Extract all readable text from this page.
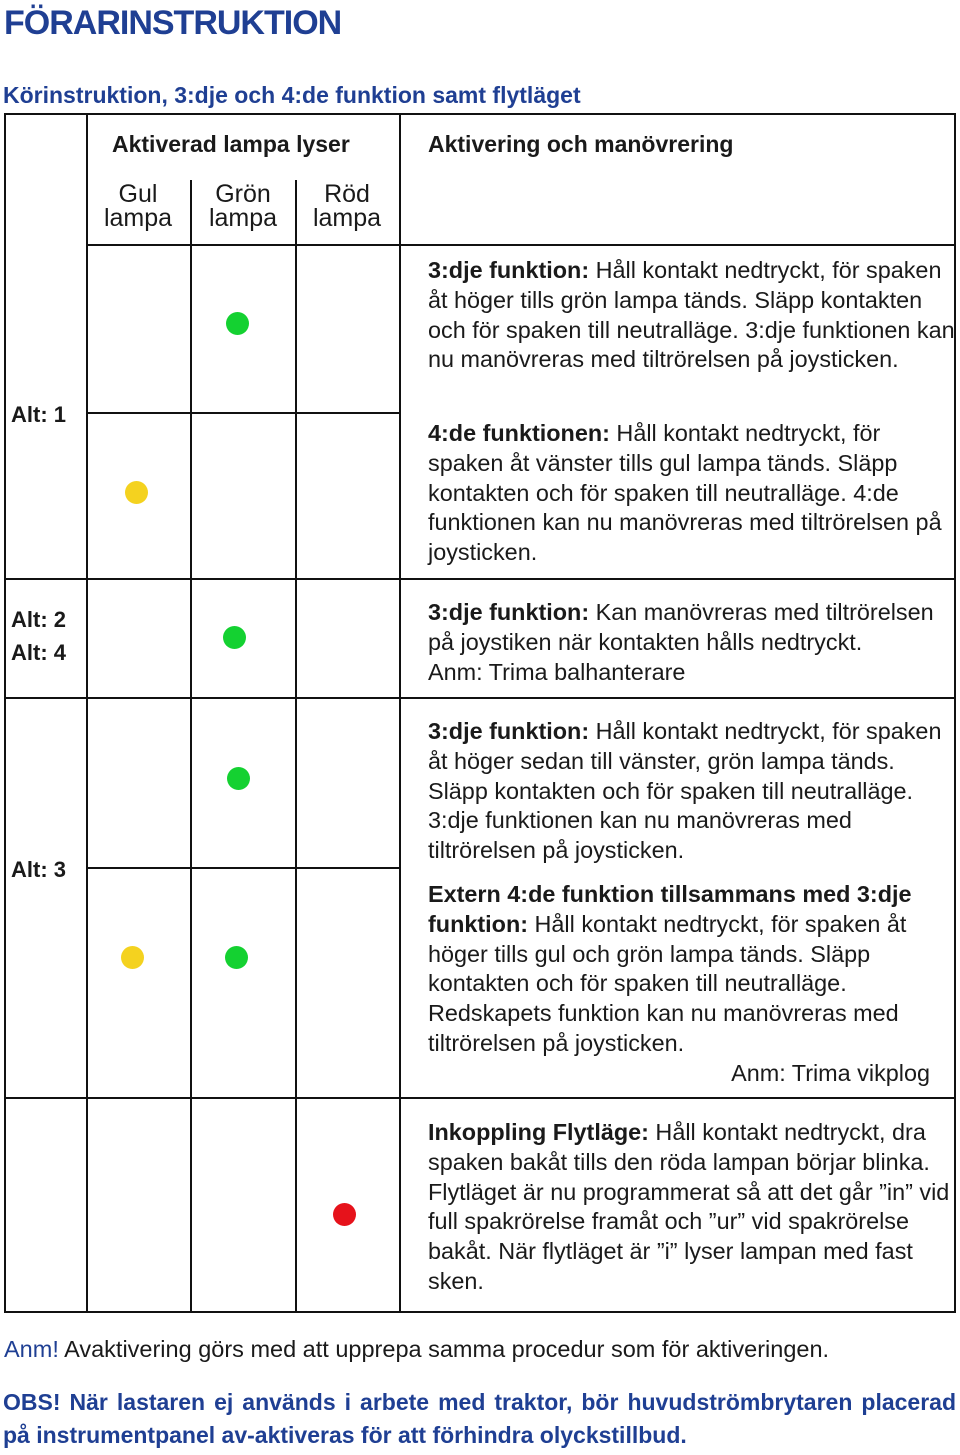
FÖRARINSTRUKTION
Körinstruktion, 3:dje och 4:de funktion samt flytläget
Aktiverad lampa lyser	Aktivering och manövrering
Gul
lampa
Grön
lampa
Röd
lampa
Alt: 1
Alt: 2
Alt: 4
Alt: 3

3:dje funktion: Håll kontakt nedtryckt, för spaken åt höger tills grön lampa tänds. Släpp kontakten och för spaken till neutralläge. 3:dje funktionen kan nu manövreras med tiltrörelsen på joysticken.

4:de funktionen: Håll kontakt nedtryckt, för spaken åt vänster tills gul lampa tänds. Släpp kontakten och för spaken till neutralläge. 4:de funktionen kan nu manövreras med tiltrörelsen på joysticken.

3:dje funktion: Kan manövreras med tiltrörelsen på joystiken när kontakten hålls nedtryckt.Anm: Trima balhanterare

3:dje funktion: Håll kontakt nedtryckt, för spaken åt höger sedan till vänster, grön lampa tänds. Släpp kontakten och för spaken till neutralläge. 3:dje funktionen kan nu manövreras med tiltrörelsen på joysticken.

Extern 4:de funktion tillsammans med 3:dje funktion: Håll kontakt nedtryckt, för spaken åt höger tills gul och grön lampa tänds. Släpp kontakten och för spaken till neutralläge. Redskapets funktion kan nu manövreras med tiltrörelsen på joysticken.

Anm: Trima vikplog

Inkoppling Flytläge: Håll kontakt nedtryckt, dra spaken bakåt tills den röda lampan börjar blinka. Flytläget är nu programmerat så att det går ”in” vid full spakrörelse framåt och ”ur” vid spakrörelse bakåt. När flytläget är ”i” lyser lampan med fast sken.

Anm! Avaktivering görs med att upprepa samma procedur som för aktiveringen.
OBS! När lastaren ej används i arbete med traktor, bör huvudströmbrytaren placerad på instrumentpanel av-aktiveras för att förhindra olyckstillbud.
